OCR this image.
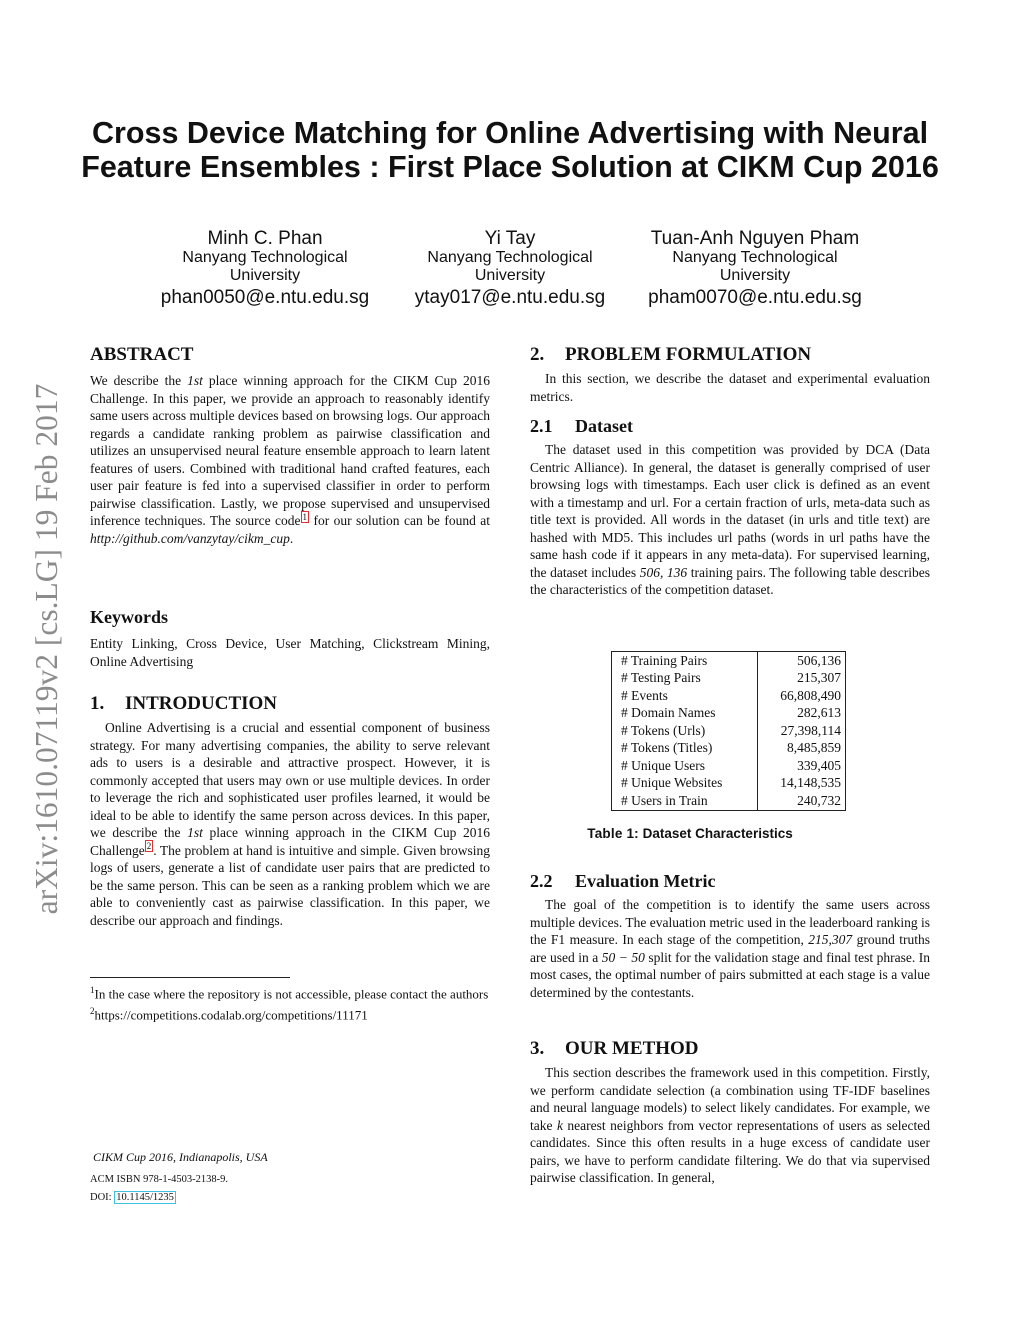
arXiv:1610.07119v2 [cs.LG] 19 Feb 2017
Cross Device Matching for Online Advertising with Neural
Feature Ensembles : First Place Solution at CIKM Cup 2016
Minh C. Phan
Nanyang Technological
University
phan0050@e.ntu.edu.sg
Yi Tay
Nanyang Technological
University
ytay017@e.ntu.edu.sg
Tuan-Anh Nguyen Pham
Nanyang Technological
University
pham0070@e.ntu.edu.sg
ABSTRACT

We describe the 1st place winning approach for the CIKM Cup 2016 Challenge. In this paper, we provide an approach to reasonably identify same users across multiple devices based on browsing logs. Our approach regards a candidate ranking problem as pairwise classification and utilizes an unsupervised neural feature ensemble approach to learn latent features of users. Combined with traditional hand crafted features, each user pair feature is fed into a supervised classifier in order to perform pairwise classification. Lastly, we propose supervised and unsupervised inference techniques. The source code $^1$ for our solution can be found at http://github.com/vanzytay/cikm_cup.

Keywords

Entity Linking, Cross Device, User Matching, Clickstream Mining, Online Advertising

1. INTRODUCTION

Online Advertising is a crucial and essential component of business strategy. For many advertising companies, the ability to serve relevant ads to users is a desirable and attractive prospect. However, it is commonly accepted that users may own or use multiple devices. In order to leverage the rich and sophisticated user profiles learned, it would be ideal to be able to identify the same person across devices. In this paper, we describe the 1st place winning approach in the CIKM Cup 2016 Challenge $^2$ . The problem at hand is intuitive and simple. Given browsing logs of users, generate a list of candidate user pairs that are predicted to be the same person. This can be seen as a ranking problem which we are able to conveniently cast as pairwise classification. In this paper, we describe our approach and findings.

$^1$In the case where the repository is not accessible, please contact the authors

$^2$https://competitions.codalab.org/competitions/11171

CIKM Cup 2016, Indianapolis, USA
ACM ISBN 978-1-4503-2138-9.
DOI: 10.1145/1235
2. PROBLEM FORMULATION

In this section, we describe the dataset and experimental evaluation metrics.

2.1 Dataset

The dataset used in this competition was provided by DCA (Data Centric Alliance). In general, the dataset is generally comprised of user browsing logs with timestamps. Each user click is defined as an event with a timestamp and url. For a certain fraction of urls, meta-data such as title text is provided. All words in the dataset (in urls and title text) are hashed with MD5. This includes url paths (words in url paths have the same hash code if it appears in any meta-data). For supervised learning, the dataset includes 506, 136 training pairs. The following table describes the characteristics of the competition dataset.

# Training Pairs	506,136
# Testing Pairs	215,307
# Events	66,808,490
# Domain Names	282,613
# Tokens (Urls)	27,398,114
# Tokens (Titles)	8,485,859
# Unique Users	339,405
# Unique Websites	14,148,535
# Users in Train	240,732
Table 1: Dataset Characteristics
2.2 Evaluation Metric

The goal of the competition is to identify the same users across multiple devices. The evaluation metric used in the leaderboard ranking is the F1 measure. In each stage of the competition, 215,307 ground truths are used in a 50 − 50 split for the validation stage and final test phrase. In most cases, the optimal number of pairs submitted at each stage is a value determined by the contestants.

3. OUR METHOD

This section describes the framework used in this competition. Firstly, we perform candidate selection (a combination using TF-IDF baselines and neural language models) to select likely candidates. For example, we take k nearest neighbors from vector representations of users as selected candidates. Since this often results in a huge excess of candidate user pairs, we have to perform candidate filtering. We do that via supervised pairwise classification. In general,
